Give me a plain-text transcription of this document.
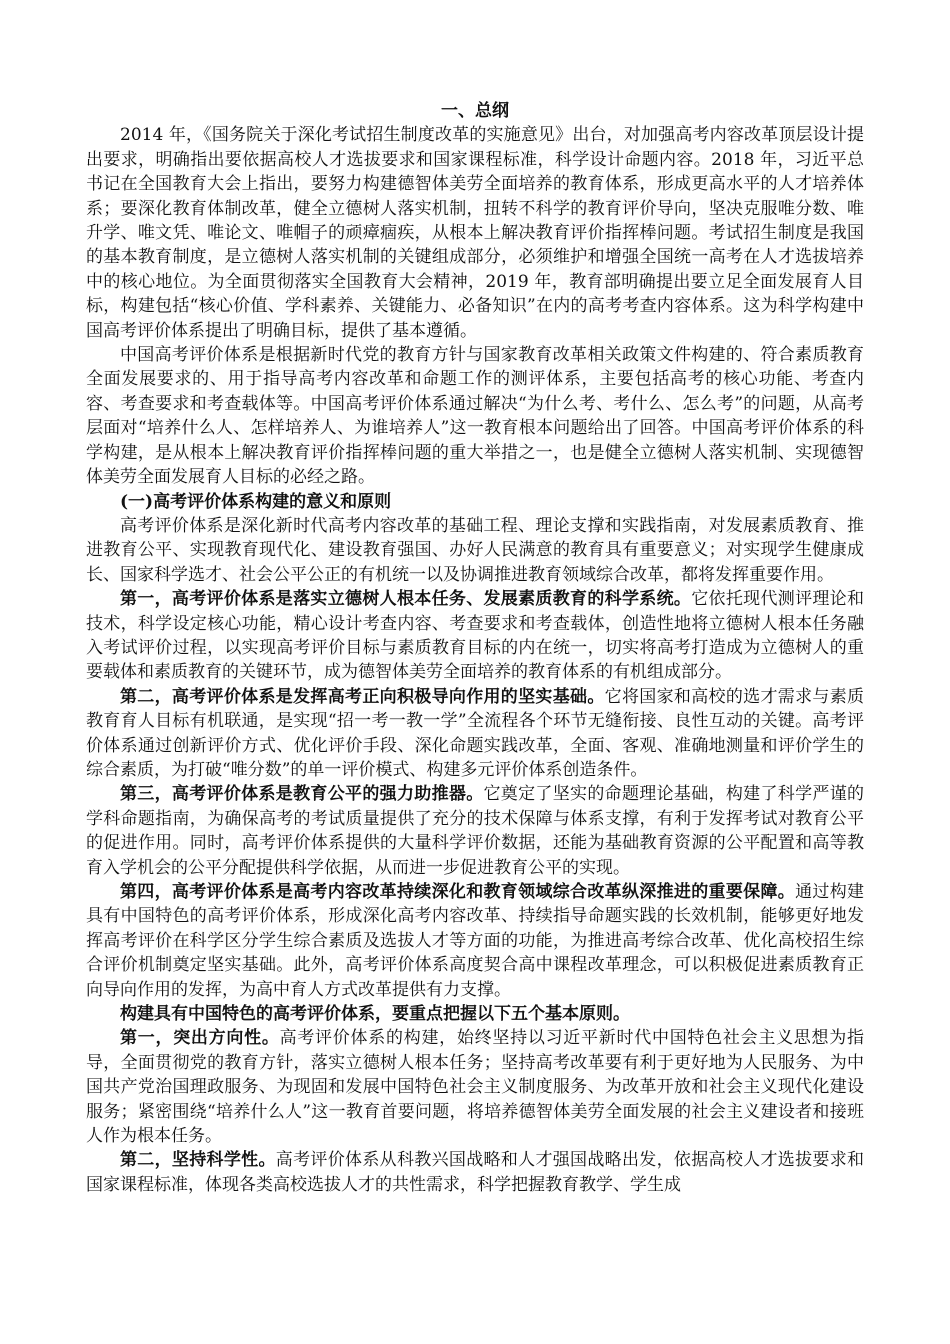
一、总纲

2014 年，《国务院关于深化考试招生制度改革的实施意见》出台，对加强高考内容改革顶层设计提出要求，明确指出要依据高校人才选拔要求和国家课程标准，科学设计命题内容。2018 年，习近平总书记在全国教育大会上指出，要努力构建德智体美劳全面培养的教育体系，形成更高水平的人才培养体系；要深化教育体制改革，健全立德树人落实机制，扭转不科学的教育评价导向，坚决克服唯分数、唯升学、唯文凭、唯论文、唯帽子的顽瘴痼疾，从根本上解决教育评价指挥棒问题。考试招生制度是我国的基本教育制度，是立德树人落实机制的关键组成部分，必须维护和增强全国统一高考在人才选拔培养中的核心地位。为全面贯彻落实全国教育大会精神，2019 年，教育部明确提出要立足全面发展育人目标，构建包括“核心价值、学科素养、关键能力、必备知识”在内的高考考查内容体系。这为科学构建中国高考评价体系提出了明确目标，提供了基本遵循。

中国高考评价体系是根据新时代党的教育方针与国家教育改革相关政策文件构建的、符合素质教育全面发展要求的、用于指导高考内容改革和命题工作的测评体系，主要包括高考的核心功能、考查内容、考查要求和考查载体等。中国高考评价体系通过解决“为什么考、考什么、怎么考”的问题，从高考层面对“培养什么人、怎样培养人、为谁培养人”这一教育根本问题给出了回答。中国高考评价体系的科学构建，是从根本上解决教育评价指挥棒问题的重大举措之一，也是健全立德树人落实机制、实现德智体美劳全面发展育人目标的必经之路。

(一)高考评价体系构建的意义和原则

高考评价体系是深化新时代高考内容改革的基础工程、理论支撑和实践指南，对发展素质教育、推进教育公平、实现教育现代化、建设教育强国、办好人民满意的教育具有重要意义；对实现学生健康成长、国家科学选才、社会公平公正的有机统一以及协调推进教育领域综合改革，都将发挥重要作用。

第一，高考评价体系是落实立德树人根本任务、发展素质教育的科学系统。它依托现代测评理论和技术，科学设定核心功能，精心设计考查内容、考查要求和考查载体，创造性地将立德树人根本任务融入考试评价过程，以实现高考评价目标与素质教育目标的内在统一，切实将高考打造成为立德树人的重要载体和素质教育的关键环节，成为德智体美劳全面培养的教育体系的有机组成部分。

第二，高考评价体系是发挥高考正向积极导向作用的坚实基础。它将国家和高校的选才需求与素质教育育人目标有机联通，是实现“招一考一教一学”全流程各个环节无缝衔接、良性互动的关键。高考评价体系通过创新评价方式、优化评价手段、深化命题实践改革，全面、客观、准确地测量和评价学生的综合素质，为打破“唯分数”的单一评价模式、构建多元评价体系创造条件。

第三，高考评价体系是教育公平的强力助推器。它奠定了坚实的命题理论基础，构建了科学严谨的学科命题指南，为确保高考的考试质量提供了充分的技术保障与体系支撑，有利于发挥考试对教育公平的促进作用。同时，高考评价体系提供的大量科学评价数据，还能为基础教育资源的公平配置和高等教育入学机会的公平分配提供科学依据，从而进一步促进教育公平的实现。

第四，高考评价体系是高考内容改革持续深化和教育领域综合改革纵深推进的重要保障。通过构建具有中国特色的高考评价体系，形成深化高考内容改革、持续指导命题实践的长效机制，能够更好地发挥高考评价在科学区分学生综合素质及选拔人才等方面的功能，为推进高考综合改革、优化高校招生综合评价机制奠定坚实基础。此外，高考评价体系高度契合高中课程改革理念，可以积极促进素质教育正向导向作用的发挥，为高中育人方式改革提供有力支撑。

构建具有中国特色的高考评价体系，要重点把握以下五个基本原则。

第一，突出方向性。高考评价体系的构建，始终坚持以习近平新时代中国特色社会主义思想为指导，全面贯彻党的教育方针，落实立德树人根本任务；坚持高考改革要有利于更好地为人民服务、为中国共产党治国理政服务、为现固和发展中国特色社会主义制度服务、为改革开放和社会主义现代化建设服务；紧密围绕“培养什么人”这一教育首要问题，将培养德智体美劳全面发展的社会主义建设者和接班人作为根本任务。

第二，坚持科学性。高考评价体系从科教兴国战略和人才强国战略出发，依据高校人才选拔要求和国家课程标准，体现各类高校选拔人才的共性需求，科学把握教育教学、学生成
